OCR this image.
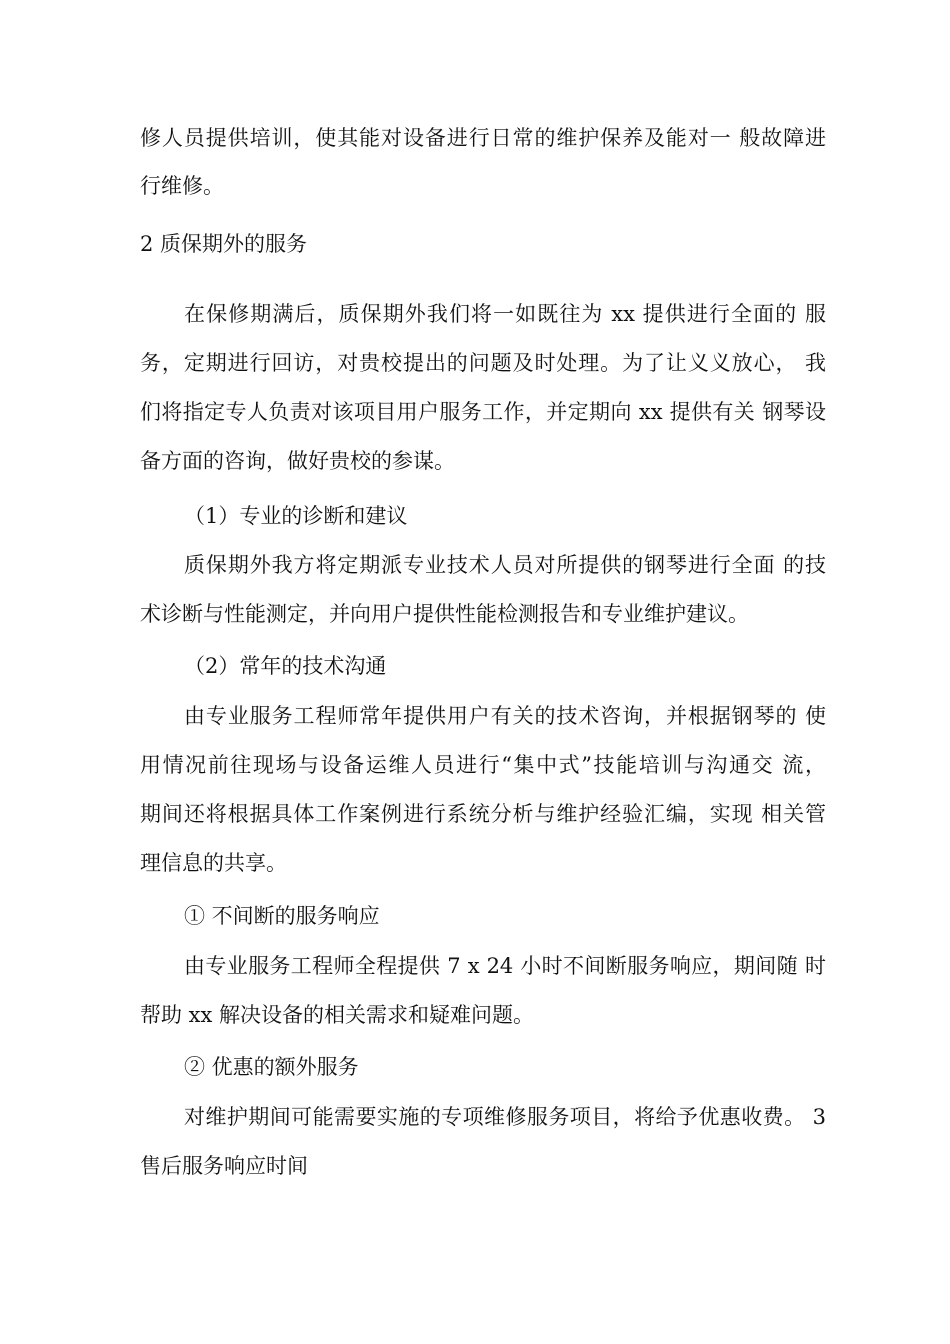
修人员提供培训，使其能对设备进行日常的维护保养及能对一 般故障进
行维修。
2 质保期外的服务
在保修期满后，质保期外我们将一如既往为 xx 提供进行全面的 服
务，定期进行回访，对贵校提出的问题及时处理。为了让义义放心， 我
们将指定专人负责对该项目用户服务工作，并定期向 xx 提供有关 钢琴设
备方面的咨询，做好贵校的参谋。
（1）专业的诊断和建议
质保期外我方将定期派专业技术人员对所提供的钢琴进行全面 的技
术诊断与性能测定，并向用户提供性能检测报告和专业维护建议。
（2）常年的技术沟通
由专业服务工程师常年提供用户有关的技术咨询，并根据钢琴的 使
用情况前往现场与设备运维人员进行“集中式”技能培训与沟通交 流，
期间还将根据具体工作案例进行系统分析与维护经验汇编，实现 相关管
理信息的共享。
① 不间断的服务响应
由专业服务工程师全程提供 7 x 24 小时不间断服务响应，期间随 时
帮助 xx 解决设备的相关需求和疑难问题。
② 优惠的额外服务
对维护期间可能需要实施的专项维修服务项目，将给予优惠收费。 3
售后服务响应时间
